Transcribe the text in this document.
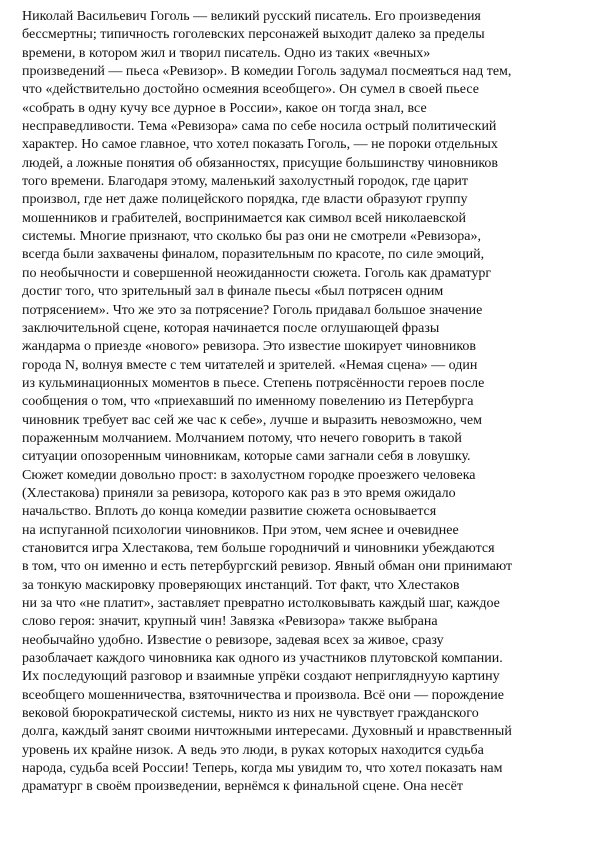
Николай Васильевич Гоголь — великий русский писатель. Его произведения
бессмертны; типичность гоголевских персонажей выходит далеко за пределы
времени, в котором жил и творил писатель. Одно из таких «вечных»
произведений — пьеса «Ревизор». В комедии Гоголь задумал посмеяться над тем,
что «действительно достойно осмеяния всеобщего». Он сумел в своей пьесе
«собрать в одну кучу все дурное в России», какое он тогда знал, все
несправедливости. Тема «Ревизора» сама по себе носила острый политический
характер. Но самое главное, что хотел показать Гоголь, — не пороки отдельных
людей, а ложные понятия об обязанностях, присущие большинству чиновников
того времени. Благодаря этому, маленький захолустный городок, где царит
произвол, где нет даже полицейского порядка, где власти образуют группу
мошенников и грабителей, воспринимается как символ всей николаевской
системы. Многие признают, что сколько бы раз они не смотрели «Ревизора»,
всегда были захвачены финалом, поразительным по красоте, по силе эмоций,
по необычности и совершенной неожиданности сюжета. Гоголь как драматург
достиг того, что зрительный зал в финале пьесы «был потрясен одним
потрясением». Что же это за потрясение? Гоголь придавал большое значение
заключительной сцене, которая начинается после оглушающей фразы
жандарма о приезде «нового» ревизора. Это известие шокирует чиновников
города N, волнуя вместе с тем читателей и зрителей. «Немая сцена» — один
из кульминационных моментов в пьесе. Степень потрясённости героев после
сообщения о том, что «приехавший по именному повелению из Петербурга
чиновник требует вас сей же час к себе», лучше и выразить невозможно, чем
пораженным молчанием. Молчанием потому, что нечего говорить в такой
ситуации опозоренным чиновникам, которые сами загнали себя в ловушку.
Сюжет комедии довольно прост: в захолустном городке проезжего человека
(Хлестакова) приняли за ревизора, которого как раз в это время ожидало
начальство. Вплоть до конца комедии развитие сюжета основывается
на испуганной психологии чиновников. При этом, чем яснее и очевиднее
становится игра Хлестакова, тем больше городничий и чиновники убеждаются
в том, что он именно и есть петербургский ревизор. Явный обман они принимают
за тонкую маскировку проверяющих инстанций. Тот факт, что Хлестаков
ни за что «не платит», заставляет превратно истолковывать каждый шаг, каждое
слово героя: значит, крупный чин! Завязка «Ревизора» также выбрана
необычайно удобно. Известие о ревизоре, задевая всех за живое, сразу
разоблачает каждого чиновника как одного из участников плутовской компании.
Их последующий разговор и взаимные упрёки создают непригляднуую картину
всеобщего мошенничества, взяточничества и произвола. Всё они — порождение
вековой бюрократической системы, никто из них не чувствует гражданского
долга, каждый занят своими ничтожными интересами. Духовный и нравственный
уровень их крайне низок. А ведь это люди, в руках которых находится судьба
народа, судьба всей России! Теперь, когда мы увидим то, что хотел показать нам
драматург в своём произведении, вернёмся к финальной сцене. Она несёт
